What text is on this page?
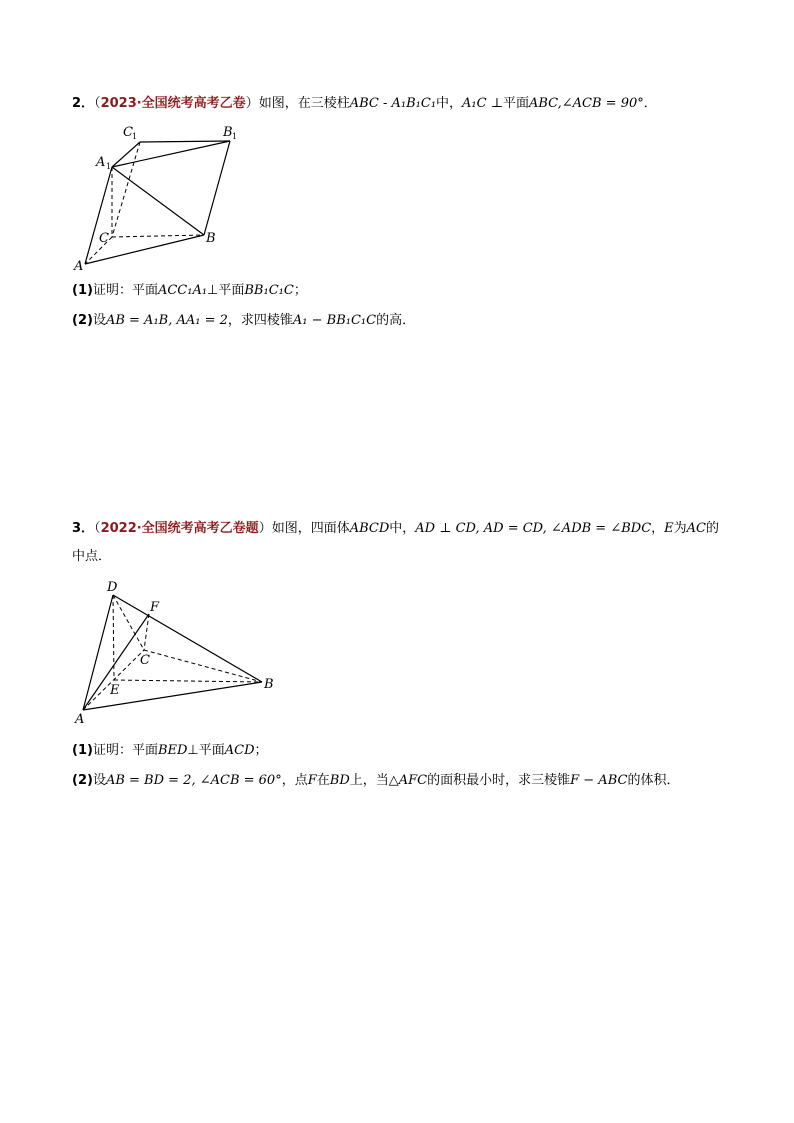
2．（2023·全国统考高考乙卷）如图，在三棱柱ABC - A₁B₁C₁中，A₁C ⊥平面ABC,∠ACB = 90°．
C 1	B 1
A 1
C	B
A
(1)证明：平面ACC₁A₁⊥平面BB₁C₁C；
(2)设AB = A₁B, AA₁ = 2，求四棱锥A₁ − BB₁C₁C的高．
3．（2022·全国统考高考乙卷题）如图，四面体ABCD中，AD ⊥ CD, AD = CD, ∠ADB = ∠BDC，E为AC的
中点．
D
F
C
E	B
A
(1)证明：平面BED⊥平面ACD；
(2)设AB = BD = 2, ∠ACB = 60°，点F在BD上，当△AFC的面积最小时，求三棱锥F − ABC的体积．
